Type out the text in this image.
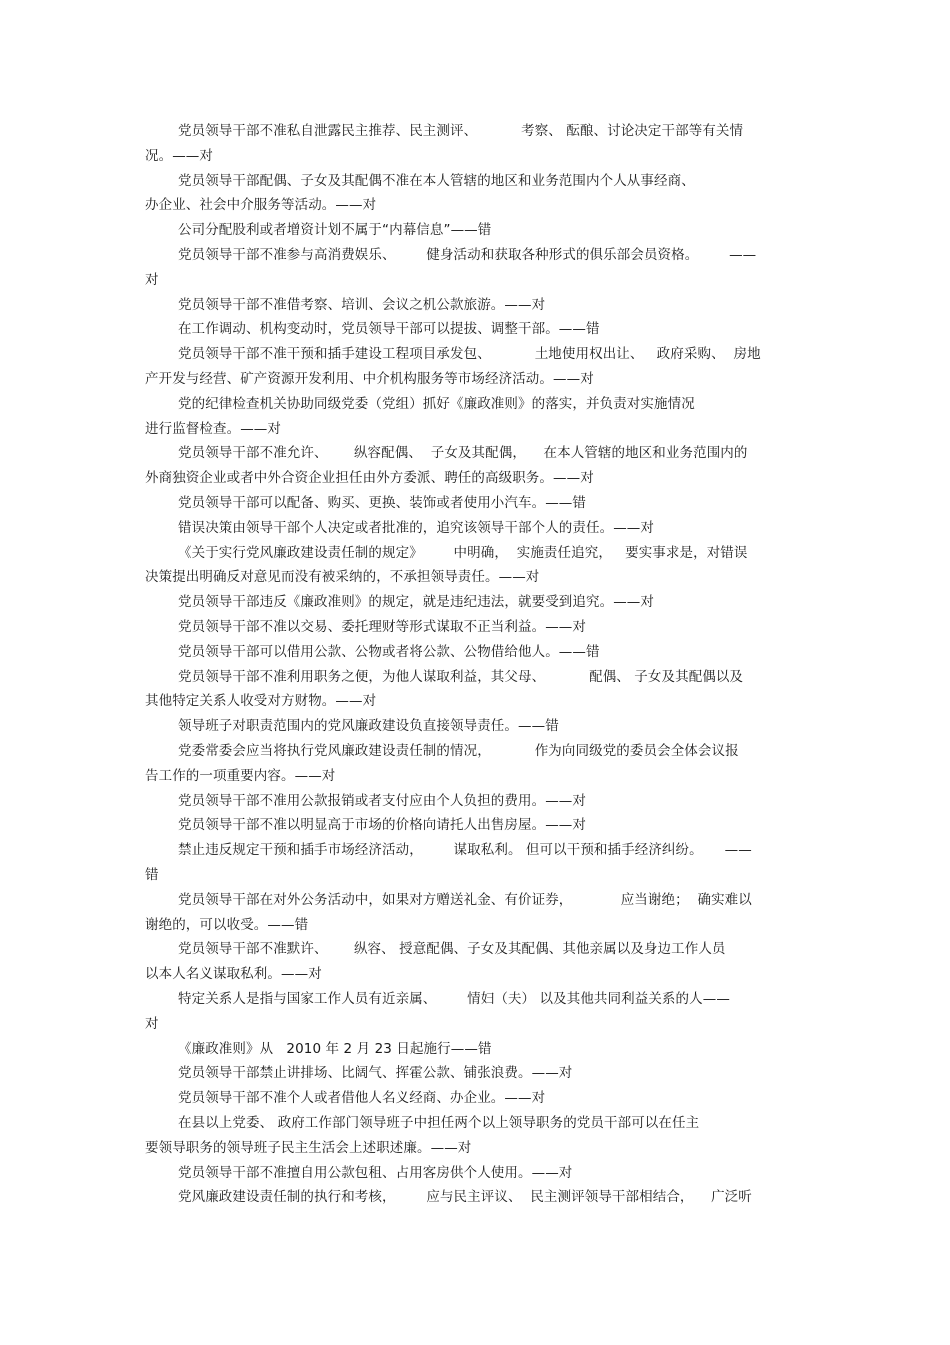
党员领导干部不准私自泄露民主推荐、民主测评、          考察、 酝酿、讨论决定干部等有关情
况。——对
党员领导干部配偶、子女及其配偶不准在本人管辖的地区和业务范围内个人从事经商、
办企业、社会中介服务等活动。——对
公司分配股利或者增资计划不属于“内幕信息”——错
党员领导干部不准参与高消费娱乐、       健身活动和获取各种形式的俱乐部会员资格。       ——
对
党员领导干部不准借考察、培训、会议之机公款旅游。——对
在工作调动、机构变动时，党员领导干部可以提拔、调整干部。——错
党员领导干部不准干预和插手建设工程项目承发包、          土地使用权出让、   政府采购、  房地
产开发与经营、矿产资源开发利用、中介机构服务等市场经济活动。——对
党的纪律检查机关协助同级党委（党组）抓好《廉政准则》的落实，并负责对实施情况
进行监督检查。——对
党员领导干部不准允许、      纵容配偶、  子女及其配偶，    在本人管辖的地区和业务范围内的
外商独资企业或者中外合资企业担任由外方委派、聘任的高级职务。——对
党员领导干部可以配备、购买、更换、装饰或者使用小汽车。——错
错误决策由领导干部个人决定或者批准的，追究该领导干部个人的责任。——对
《关于实行党风廉政建设责任制的规定》       中明确，  实施责任追究，   要实事求是，对错误
决策提出明确反对意见而没有被采纳的，不承担领导责任。——对
党员领导干部违反《廉政准则》的规定，就是违纪违法，就要受到追究。——对
党员领导干部不准以交易、委托理财等形式谋取不正当利益。——对
党员领导干部可以借用公款、公物或者将公款、公物借给他人。——错
党员领导干部不准利用职务之便，为他人谋取利益，其父母、          配偶、 子女及其配偶以及
其他特定关系人收受对方财物。——对
领导班子对职责范围内的党风廉政建设负直接领导责任。——错
党委常委会应当将执行党风廉政建设责任制的情况，          作为向同级党的委员会全体会议报
告工作的一项重要内容。——对
党员领导干部不准用公款报销或者支付应由个人负担的费用。——对
党员领导干部不准以明显高于市场的价格向请托人出售房屋。——对
禁止违反规定干预和插手市场经济活动，       谋取私利。 但可以干预和插手经济纠纷。     ——
错
党员领导干部在对外公务活动中，如果对方赠送礼金、有价证券，           应当谢绝；  确实难以
谢绝的，可以收受。——错
党员领导干部不准默许、      纵容、 授意配偶、子女及其配偶、其他亲属以及身边工作人员
以本人名义谋取私利。——对
特定关系人是指与国家工作人员有近亲属、       情妇（夫） 以及其他共同利益关系的人——
对
《廉政准则》从   2010 年 2 月 23 日起施行——错
党员领导干部禁止讲排场、比阔气、挥霍公款、铺张浪费。——对
党员领导干部不准个人或者借他人名义经商、办企业。——对
在县以上党委、 政府工作部门领导班子中担任两个以上领导职务的党员干部可以在任主
要领导职务的领导班子民主生活会上述职述廉。——对
党员领导干部不准擅自用公款包租、占用客房供个人使用。——对
党风廉政建设责任制的执行和考核，       应与民主评议、  民主测评领导干部相结合，    广泛听
